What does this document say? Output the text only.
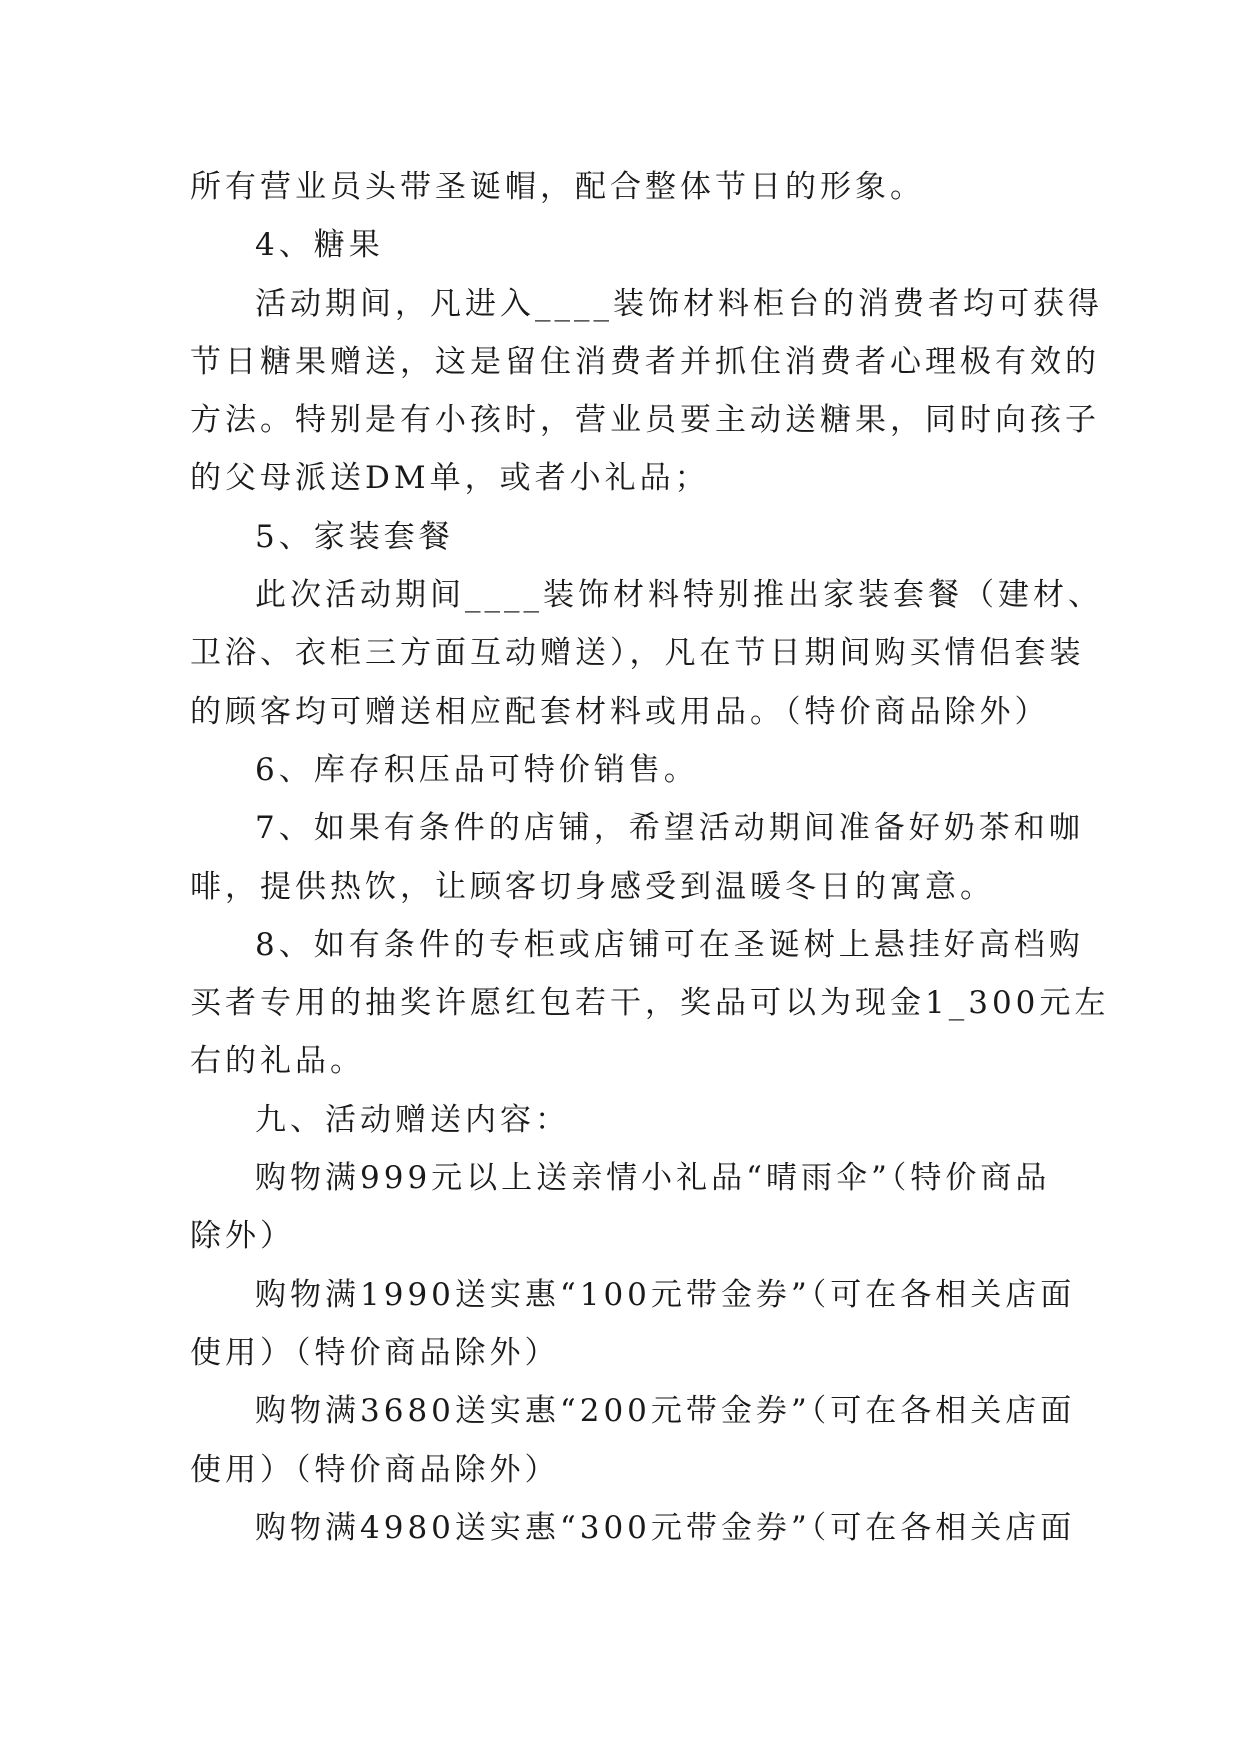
所有营业员头带圣诞帽，配合整体节日的形象。

4、糖果

活动期间，凡进入____装饰材料柜台的消费者均可获得

节日糖果赠送，这是留住消费者并抓住消费者心理极有效的

方法。特别是有小孩时，营业员要主动送糖果，同时向孩子

的父母派送DM单，或者小礼品；

5、家装套餐

此次活动期间____装饰材料特别推出家装套餐（建材、

卫浴、衣柜三方面互动赠送），凡在节日期间购买情侣套装

的顾客均可赠送相应配套材料或用品。（特价商品除外）

6、库存积压品可特价销售。

7、如果有条件的店铺，希望活动期间准备好奶茶和咖

啡，提供热饮，让顾客切身感受到温暖冬日的寓意。

8、如有条件的专柜或店铺可在圣诞树上悬挂好高档购

买者专用的抽奖许愿红包若干，奖品可以为现金1_300元左

右的礼品。

九、活动赠送内容：

购物满999元以上送亲情小礼品“晴雨伞”（特价商品

除外）

购物满1990送实惠“100元带金券”（可在各相关店面

使用）（特价商品除外）

购物满3680送实惠“200元带金券”（可在各相关店面

使用）（特价商品除外）

购物满4980送实惠“300元带金券”（可在各相关店面
